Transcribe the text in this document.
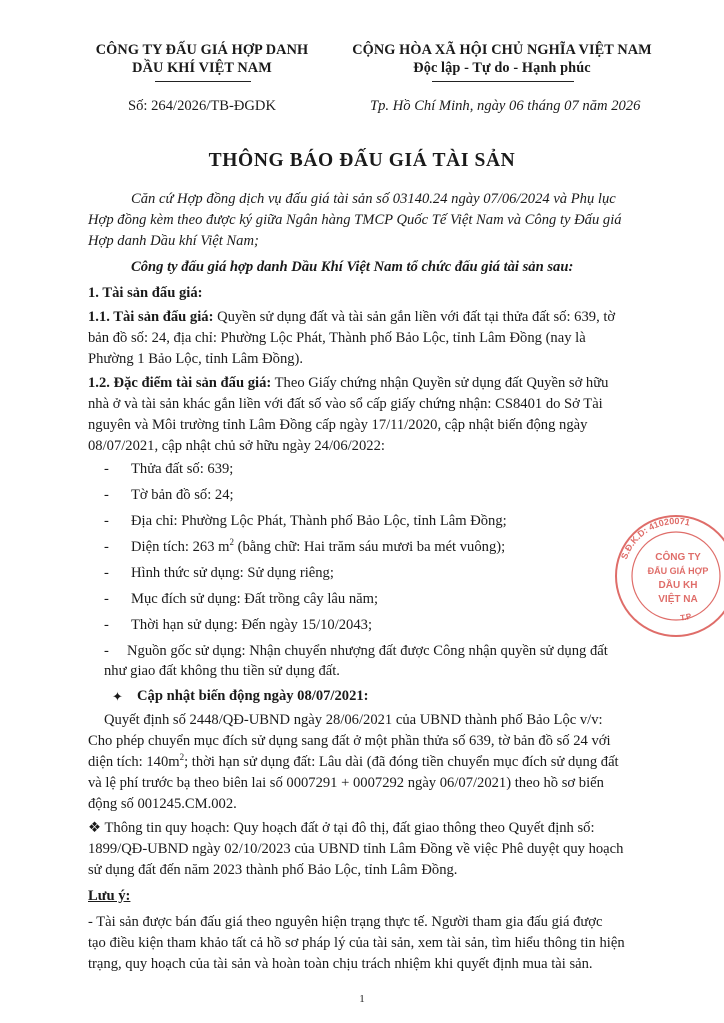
CÔNG TY ĐẤU GIÁ HỢP DANH
DẦU KHÍ VIỆT NAM
CỘNG HÒA XÃ HỘI CHỦ NGHĨA VIỆT NAM
Độc lập - Tự do - Hạnh phúc
Số: 264/2026/TB-ĐGDK	Tp. Hồ Chí Minh, ngày 06 tháng 07 năm 2026
THÔNG BÁO ĐẤU GIÁ TÀI SẢN
Căn cứ Hợp đồng dịch vụ đấu giá tài sản số 03140.24 ngày 07/06/2024 và Phụ lục
Hợp đồng kèm theo được ký giữa Ngân hàng TMCP Quốc Tế Việt Nam và Công ty Đấu giá
Hợp danh Dầu khí Việt Nam;
Công ty đấu giá hợp danh Dầu Khí Việt Nam tổ chức đấu giá tài sản sau:
1. Tài sản đấu giá:
1.1. Tài sản đấu giá: Quyền sử dụng đất và tài sản gắn liền với đất tại thửa đất số: 639, tờ
bản đồ số: 24, địa chỉ: Phường Lộc Phát, Thành phố Bảo Lộc, tỉnh Lâm Đồng (nay là
Phường 1 Bảo Lộc, tỉnh Lâm Đồng).
1.2. Đặc điểm tài sản đấu giá: Theo Giấy chứng nhận Quyền sử dụng đất Quyền sở hữu
nhà ở và tài sản khác gắn liền với đất số vào sổ cấp giấy chứng nhận: CS8401 do Sở Tài
nguyên và Môi trường tỉnh Lâm Đồng cấp ngày 17/11/2020, cập nhật biến động ngày
08/07/2021, cập nhật chủ sở hữu ngày 24/06/2022:
- Thửa đất số: 639;
- Tờ bản đồ số: 24;
- Địa chỉ: Phường Lộc Phát, Thành phố Bảo Lộc, tỉnh Lâm Đồng;
- Diện tích: 263 $m^2$ (bằng chữ: Hai trăm sáu mươi ba mét vuông);
- Hình thức sử dụng: Sử dụng riêng;
- Mục đích sử dụng: Đất trồng cây lâu năm;
- Thời hạn sử dụng: Đến ngày 15/10/2043;
- Nguồn gốc sử dụng: Nhận chuyển nhượng đất được Công nhận quyền sử dụng đất
như giao đất không thu tiền sử dụng đất.
✦ Cập nhật biến động ngày 08/07/2021:
Quyết định số 2448/QĐ-UBND ngày 28/06/2021 của UBND thành phố Bảo Lộc v/v:
Cho phép chuyển mục đích sử dụng sang đất ở một phần thửa số 639, tờ bản đồ số 24 với
diện tích: $140m^2$; thời hạn sử dụng đất: Lâu dài (đã đóng tiền chuyển mục đích sử dụng đất
và lệ phí trước bạ theo biên lai số 0007291 + 0007292 ngày 06/07/2021) theo hồ sơ biến
động số 001245.CM.002.
❖ Thông tin quy hoạch: Quy hoạch đất ở tại đô thị, đất giao thông theo Quyết định số:
1899/QĐ-UBND ngày 02/10/2023 của UBND tỉnh Lâm Đồng về việc Phê duyệt quy hoạch
sử dụng đất đến năm 2023 thành phố Bảo Lộc, tỉnh Lâm Đồng.
Lưu ý:
- Tài sản được bán đấu giá theo nguyên hiện trạng thực tế. Người tham gia đấu giá được
tạo điều kiện tham khảo tất cả hồ sơ pháp lý của tài sản, xem tài sản, tìm hiểu thông tin hiện
trạng, quy hoạch của tài sản và hoàn toàn chịu trách nhiệm khi quyết định mua tài sản.
1
S.Đ.K.D: 41020071
T.P
CÔNG TY
ĐẤU GIÁ HỢP
DẦU KH
VIỆT NA
